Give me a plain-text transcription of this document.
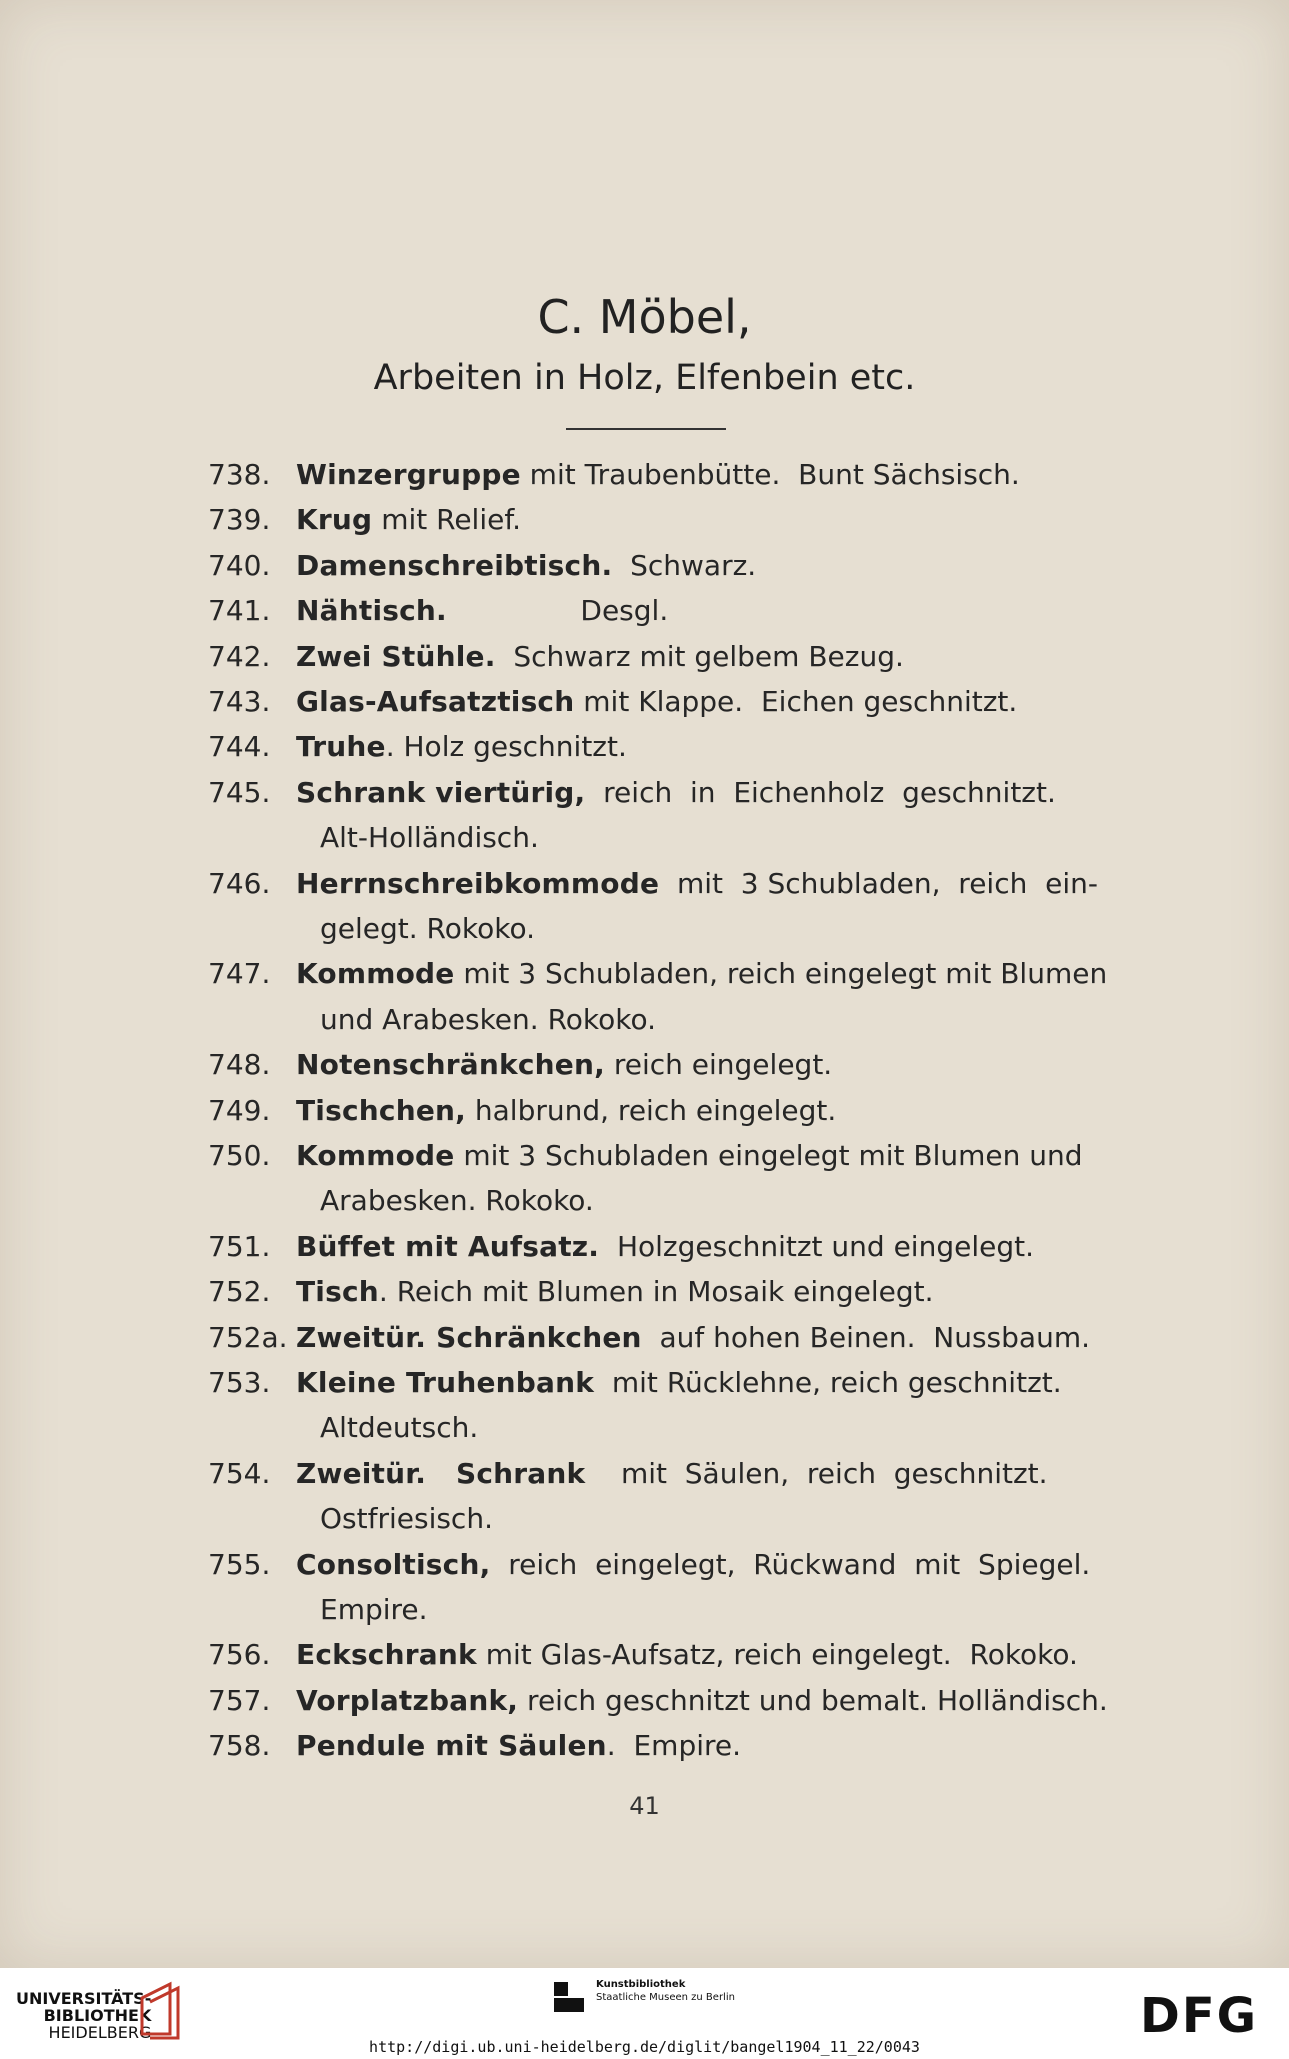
C. Möbel,
Arbeiten in Holz, Elfenbein etc.
738. Winzergruppe mit Traubenbütte.  Bunt Sächsisch.
739. Krug mit Relief.
740. Damenschreibtisch.  Schwarz.
741. Nähtisch.               Desgl.
742. Zwei Stühle.  Schwarz mit gelbem Bezug.
743. Glas-Aufsatztisch mit Klappe.  Eichen geschnitzt.
744. Truhe. Holz geschnitzt.
745. Schrank viertürig,  reich  in  Eichenholz  geschnitzt.
Alt-Holländisch.
746. Herrnschreibkommode  mit  3 Schubladen,  reich  ein-
gelegt. Rokoko.
747. Kommode mit 3 Schubladen, reich eingelegt mit Blumen
und Arabesken. Rokoko.
748. Notenschränkchen, reich eingelegt.
749. Tischchen, halbrund, reich eingelegt.
750. Kommode mit 3 Schubladen eingelegt mit Blumen und
Arabesken. Rokoko.
751. Büffet mit Aufsatz.  Holzgeschnitzt und eingelegt.
752. Tisch. Reich mit Blumen in Mosaik eingelegt.
752a. Zweitür. Schränkchen  auf hohen Beinen.  Nussbaum.
753. Kleine Truhenbank  mit Rücklehne, reich geschnitzt.
Altdeutsch.
754. Zweitür.   Schrank    mit  Säulen,  reich  geschnitzt.
Ostfriesisch.
755. Consoltisch,  reich  eingelegt,  Rückwand  mit  Spiegel.
Empire.
756. Eckschrank mit Glas-Aufsatz, reich eingelegt.  Rokoko.
757. Vorplatzbank, reich geschnitzt und bemalt. Holländisch.
758. Pendule mit Säulen.  Empire.
41
UNIVERSITÄTS-
BIBLIOTHEK
HEIDELBERG
Kunstbibliothek
Staatliche Museen zu Berlin	DFG
http://digi.ub.uni-heidelberg.de/diglit/bangel1904_11_22/0043
